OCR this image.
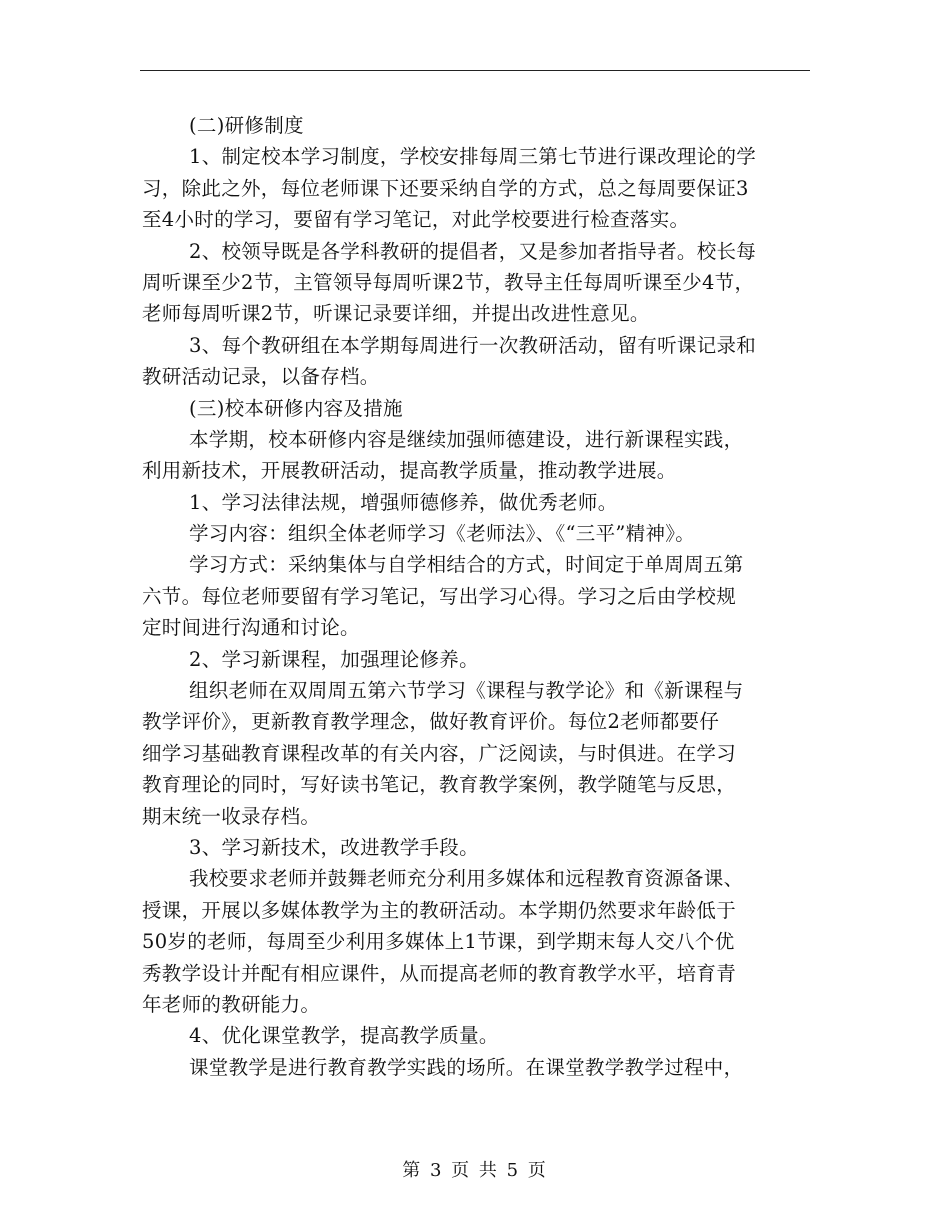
(二)研修制度
1、制定校本学习制度，学校安排每周三第七节进行课改理论的学
习，除此之外，每位老师课下还要采纳自学的方式，总之每周要保证3
至4小时的学习，要留有学习笔记，对此学校要进行检查落实。
2、校领导既是各学科教研的提倡者，又是参加者指导者。校长每
周听课至少2节，主管领导每周听课2节，教导主任每周听课至少4节，
老师每周听课2节，听课记录要详细，并提出改进性意见。
3、每个教研组在本学期每周进行一次教研活动，留有听课记录和
教研活动记录，以备存档。
(三)校本研修内容及措施
本学期，校本研修内容是继续加强师德建设，进行新课程实践，
利用新技术，开展教研活动，提高教学质量，推动教学进展。
1、学习法律法规，增强师德修养，做优秀老师。
学习内容：组织全体老师学习《老师法》、《“三平”精神》。
学习方式：采纳集体与自学相结合的方式，时间定于单周周五第
六节。每位老师要留有学习笔记，写出学习心得。学习之后由学校规
定时间进行沟通和讨论。
2、学习新课程，加强理论修养。
组织老师在双周周五第六节学习《课程与教学论》和《新课程与
教学评价》，更新教育教学理念，做好教育评价。每位2老师都要仔
细学习基础教育课程改革的有关内容，广泛阅读，与时俱进。在学习
教育理论的同时，写好读书笔记，教育教学案例，教学随笔与反思，
期末统一收录存档。
3、学习新技术，改进教学手段。
我校要求老师并鼓舞老师充分利用多媒体和远程教育资源备课、
授课，开展以多媒体教学为主的教研活动。本学期仍然要求年龄低于
50岁的老师，每周至少利用多媒体上1节课，到学期末每人交八个优
秀教学设计并配有相应课件，从而提高老师的教育教学水平，培育青
年老师的教研能力。
4、优化课堂教学，提高教学质量。
课堂教学是进行教育教学实践的场所。在课堂教学教学过程中，
第 3 页 共 5 页
